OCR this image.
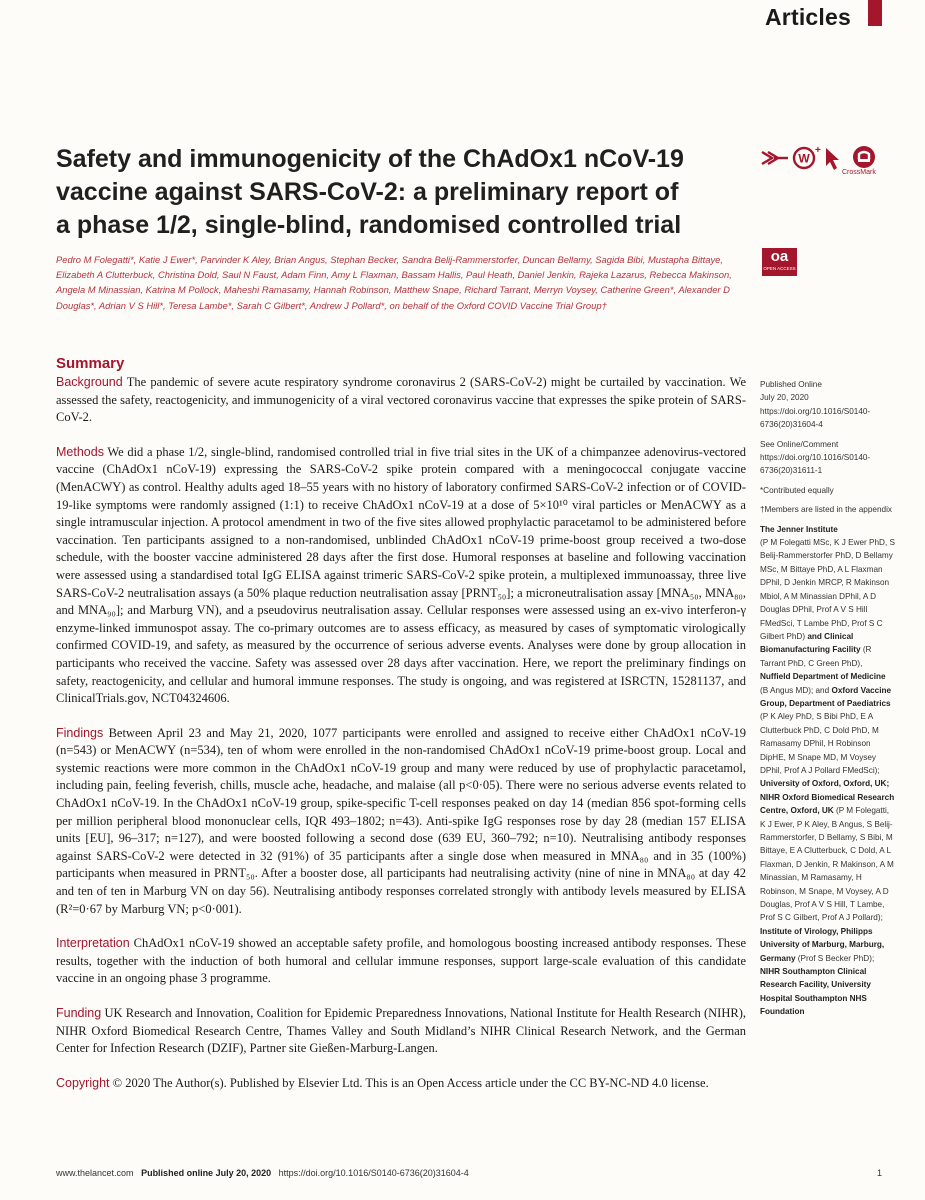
Articles
Safety and immunogenicity of the ChAdOx1 nCoV-19 vaccine against SARS-CoV-2: a preliminary report of a phase 1/2, single-blind, randomised controlled trial
W
+
CrossMark
oa
OPEN ACCESS
Pedro M Folegatti*, Katie J Ewer*, Parvinder K Aley, Brian Angus, Stephan Becker, Sandra Belij-Rammerstorfer, Duncan Bellamy, Sagida Bibi, Mustapha Bittaye, Elizabeth A Clutterbuck, Christina Dold, Saul N Faust, Adam Finn, Amy L Flaxman, Bassam Hallis, Paul Heath, Daniel Jenkin, Rajeka Lazarus, Rebecca Makinson, Angela M Minassian, Katrina M Pollock, Maheshi Ramasamy, Hannah Robinson, Matthew Snape, Richard Tarrant, Merryn Voysey, Catherine Green*, Alexander D Douglas*, Adrian V S Hill*, Teresa Lambe*, Sarah C Gilbert*, Andrew J Pollard*, on behalf of the Oxford COVID Vaccine Trial Group†
Summary

Background The pandemic of severe acute respiratory syndrome coronavirus 2 (SARS-CoV-2) might be curtailed by vaccination. We assessed the safety, reactogenicity, and immunogenicity of a viral vectored coronavirus vaccine that expresses the spike protein of SARS-CoV-2.

Methods We did a phase 1/2, single-blind, randomised controlled trial in five trial sites in the UK of a chimpanzee adenovirus-vectored vaccine (ChAdOx1 nCoV-19) expressing the SARS-CoV-2 spike protein compared with a meningococcal conjugate vaccine (MenACWY) as control. Healthy adults aged 18–55 years with no history of laboratory confirmed SARS-CoV-2 infection or of COVID-19-like symptoms were randomly assigned (1:1) to receive ChAdOx1 nCoV-19 at a dose of 5×10¹⁰ viral particles or MenACWY as a single intramuscular injection. A protocol amendment in two of the five sites allowed prophylactic paracetamol to be administered before vaccination. Ten participants assigned to a non-randomised, unblinded ChAdOx1 nCoV-19 prime-boost group received a two-dose schedule, with the booster vaccine administered 28 days after the first dose. Humoral responses at baseline and following vaccination were assessed using a standardised total IgG ELISA against trimeric SARS-CoV-2 spike protein, a multiplexed immunoassay, three live SARS-CoV-2 neutralisation assays (a 50% plaque reduction neutralisation assay [PRNT₅₀]; a microneutralisation assay [MNA₅₀, MNA₈₀, and MNA₉₀]; and Marburg VN), and a pseudovirus neutralisation assay. Cellular responses were assessed using an ex-vivo interferon-γ enzyme-linked immunospot assay. The co-primary outcomes are to assess efficacy, as measured by cases of symptomatic virologically confirmed COVID-19, and safety, as measured by the occurrence of serious adverse events. Analyses were done by group allocation in participants who received the vaccine. Safety was assessed over 28 days after vaccination. Here, we report the preliminary findings on safety, reactogenicity, and cellular and humoral immune responses. The study is ongoing, and was registered at ISRCTN, 15281137, and ClinicalTrials.gov, NCT04324606.

Findings Between April 23 and May 21, 2020, 1077 participants were enrolled and assigned to receive either ChAdOx1 nCoV-19 (n=543) or MenACWY (n=534), ten of whom were enrolled in the non-randomised ChAdOx1 nCoV-19 prime-boost group. Local and systemic reactions were more common in the ChAdOx1 nCoV-19 group and many were reduced by use of prophylactic paracetamol, including pain, feeling feverish, chills, muscle ache, headache, and malaise (all p<0·05). There were no serious adverse events related to ChAdOx1 nCoV-19. In the ChAdOx1 nCoV-19 group, spike-specific T-cell responses peaked on day 14 (median 856 spot-forming cells per million peripheral blood mononuclear cells, IQR 493–1802; n=43). Anti-spike IgG responses rose by day 28 (median 157 ELISA units [EU], 96–317; n=127), and were boosted following a second dose (639 EU, 360–792; n=10). Neutralising antibody responses against SARS-CoV-2 were detected in 32 (91%) of 35 participants after a single dose when measured in MNA₈₀ and in 35 (100%) participants when measured in PRNT₅₀. After a booster dose, all participants had neutralising activity (nine of nine in MNA₈₀ at day 42 and ten of ten in Marburg VN on day 56). Neutralising antibody responses correlated strongly with antibody levels measured by ELISA (R²=0·67 by Marburg VN; p<0·001).

Interpretation ChAdOx1 nCoV-19 showed an acceptable safety profile, and homologous boosting increased antibody responses. These results, together with the induction of both humoral and cellular immune responses, support large-scale evaluation of this candidate vaccine in an ongoing phase 3 programme.

Funding UK Research and Innovation, Coalition for Epidemic Preparedness Innovations, National Institute for Health Research (NIHR), NIHR Oxford Biomedical Research Centre, Thames Valley and South Midland’s NIHR Clinical Research Network, and the German Center for Infection Research (DZIF), Partner site Gießen-Marburg-Langen.

Copyright © 2020 The Author(s). Published by Elsevier Ltd. This is an Open Access article under the CC BY-NC-ND 4.0 license.

Published Online
July 20, 2020
https://doi.org/10.1016/S0140-6736(20)31604-4
See Online/Comment
https://doi.org/10.1016/S0140-6736(20)31611-1
*Contributed equally
†Members are listed in the appendix
The Jenner Institute
(P M Folegatti MSc, K J Ewer PhD, S Belij-Rammerstorfer PhD, D Bellamy MSc, M Bittaye PhD, A L Flaxman DPhil, D Jenkin MRCP, R Makinson Mbiol, A M Minassian DPhil, A D Douglas DPhil, Prof A V S Hill FMedSci, T Lambe PhD, Prof S C Gilbert PhD) and Clinical Biomanufacturing Facility (R Tarrant PhD, C Green PhD), Nuffield Department of Medicine (B Angus MD); and Oxford Vaccine Group, Department of Paediatrics (P K Aley PhD, S Bibi PhD, E A Clutterbuck PhD, C Dold PhD, M Ramasamy DPhil, H Robinson DipHE, M Snape MD, M Voysey DPhil, Prof A J Pollard FMedSci); University of Oxford, Oxford, UK; NIHR Oxford Biomedical Research Centre, Oxford, UK (P M Folegatti, K J Ewer, P K Aley, B Angus, S Belij-Rammerstorfer, D Bellamy, S Bibi, M Bittaye, E A Clutterbuck, C Dold, A L Flaxman, D Jenkin, R Makinson, A M Minassian, M Ramasamy, H Robinson, M Snape, M Voysey, A D Douglas, Prof A V S Hill, T Lambe, Prof S C Gilbert, Prof A J Pollard); Institute of Virology, Philipps University of Marburg, Marburg, Germany (Prof S Becker PhD); NIHR Southampton Clinical Research Facility, University Hospital Southampton NHS Foundation
www.thelancet.com Published online July 20, 2020 https://doi.org/10.1016/S0140-6736(20)31604-4	1
